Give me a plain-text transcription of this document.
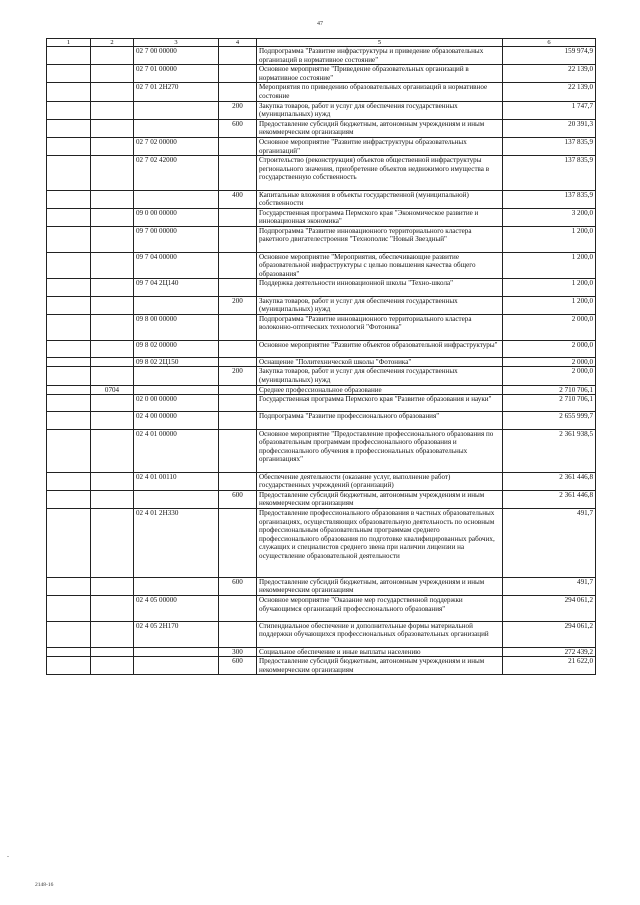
47
1	2	3	4	5	6
		02 7 00 00000		Подпрограмма "Развитие инфраструктуры и приведение образовательных организаций в нормативное состояние"	159 974,9
		02 7 01 00000		Основное мероприятие "Приведение образовательных организаций в нормативное состояние"	22 139,0
		02 7 01 2Н270		Мероприятия по приведению образовательных организаций в нормативное состояние	22 139,0
			200	Закупка товаров, работ и услуг для обеспечения государственных (муниципальных) нужд	1 747,7
			600	Предоставление субсидий бюджетным, автономным учреждениям и иным некоммерческим организациям	20 391,3
		02 7 02 00000		Основное мероприятие "Развитие инфраструктуры образовательных организаций"	137 835,9
		02 7 02 42000		Строительство (реконструкция) объектов общественной инфраструктуры регионального значения, приобретение объектов недвижимого имущества в государственную собственность	137 835,9
			400	Капитальные вложения в объекты государственной (муниципальной) собственности	137 835,9
		09 0 00 00000		Государственная программа Пермского края "Экономическое развитие и инновационная экономика"	3 200,0
		09 7 00 00000		Подпрограмма "Развитие инновационного территориального кластера ракетного двигателестроения "Технополис "Новый Звездный"	1 200,0
		09 7 04 00000		Основное мероприятие "Мероприятия, обеспечивающие развитие образовательной инфраструктуры с целью повышения качества общего образования"	1 200,0
		09 7 04 2Ц140		Поддержка деятельности инновационной школы "Техно-школа"	1 200,0
			200	Закупка товаров, работ и услуг для обеспечения государственных (муниципальных) нужд	1 200,0
		09 8 00 00000		Подпрограмма "Развитие инновационного территориального кластера волоконно-оптических технологий "Фотоника"	2 000,0
		09 8 02 00000		Основное мероприятие "Развитие объектов образовательной инфраструктуры"	2 000,0
		09 8 02 2Ц150		Оснащение "Политехнической школы "Фотоника"	2 000,0
			200	Закупка товаров, работ и услуг для обеспечения государственных (муниципальных) нужд	2 000,0
	0704			Среднее профессиональное образование	2 710 706,1
		02 0 00 00000		Государственная программа Пермского края "Развитие образования и науки"	2 710 706,1
		02 4 00 00000		Подпрограмма "Развитие профессионального образования"	2 655 999,7
		02 4 01 00000		Основное мероприятие "Предоставление профессионального образования по образовательным программам профессионального образования и профессионального обучения в профессиональных образовательных организациях"	2 361 938,5
		02 4 01 00110		Обеспечение деятельности (оказание услуг, выполнение работ) государственных учреждений (организаций)	2 361 446,8
			600	Предоставление субсидий бюджетным, автономным учреждениям и иным некоммерческим организациям	2 361 446,8
		02 4 01 2Н330		Предоставление профессионального образования в частных образовательных организациях, осуществляющих образовательную деятельность по основным профессиональным образовательным программам среднего профессионального образования по подготовке квалифицированных рабочих, служащих и специалистов среднего звена при наличии лицензии на осуществление образовательной деятельности	491,7
			600	Предоставление субсидий бюджетным, автономным учреждениям и иным некоммерческим организациям	491,7
		02 4 05 00000		Основное мероприятие "Оказание мер государственной поддержки обучающимся организаций профессионального образования"	294 061,2
		02 4 05 2Н170		Стипендиальное обеспечение и дополнительные формы материальной поддержки обучающихся профессиональных образовательных организаций	294 061,2
			300	Социальное обеспечение и иные выплаты населению	272 439,2
			600	Предоставление субсидий бюджетным, автономным учреждениям и иным некоммерческим организациям	21 622,0
-
2148-16
